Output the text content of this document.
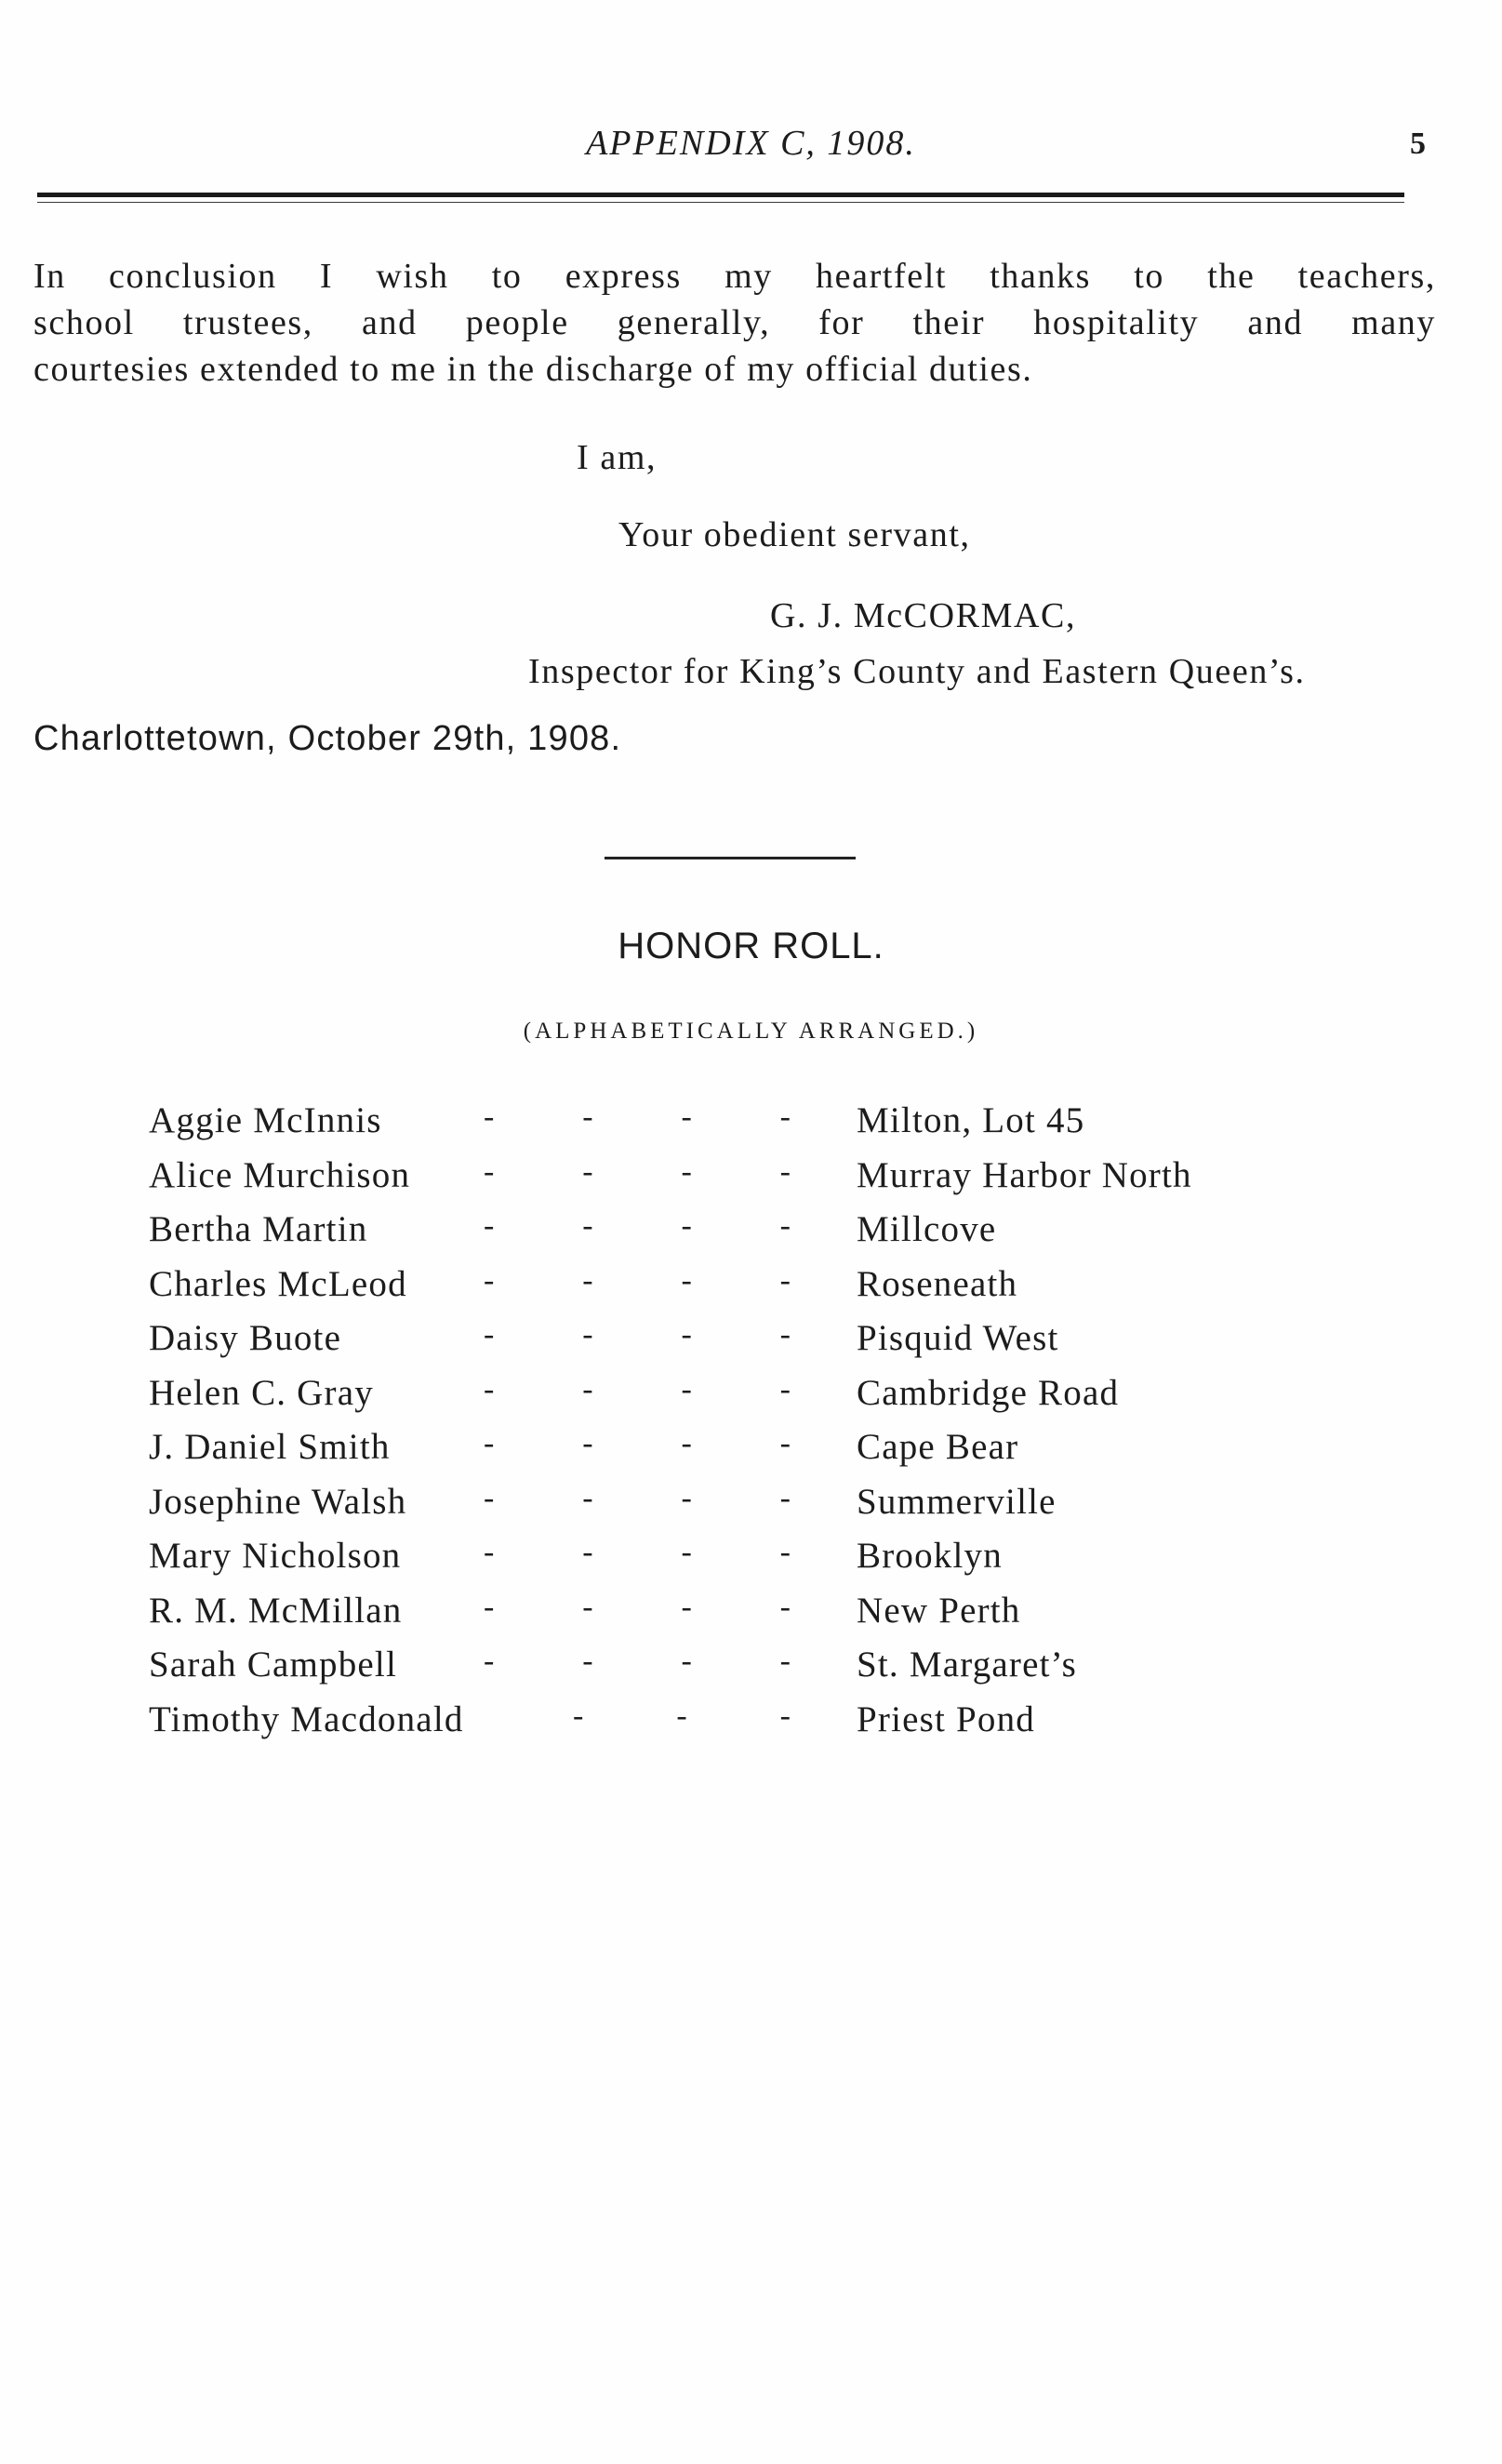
APPENDIX C, 1908.	5
In conclusion I wish to express my heartfelt thanks to the teachers,
school trustees, and people generally, for their hospitality and many
courtesies extended to me in the discharge of my official duties.
I am,
Your obedient servant,
G. J. McCORMAC,
Inspector for King’s County and Eastern Queen’s.
Charlottetown, October 29th, 1908.
HONOR ROLL.
(ALPHABETICALLY ARRANGED.)
Aggie McInnis	-	-	-	- Milton, Lot 45
Alice Murchison -	-	-	- Murray Harbor North
Bertha Martin	-	-	-	- Millcove
Charles McLeod -	-	-	- Roseneath
Daisy Buote	-	-	-	- Pisquid West
Helen C. Gray	-	-	-	- Cambridge Road
J. Daniel Smith	-	-	-	- Cape Bear
Josephine Walsh -	-	-	- Summerville
Mary Nicholson	-	-	-	- Brooklyn
R. M. McMillan	-	-	-	- New Perth
Sarah Campbell	-	-	-	- St. Margaret’s
Timothy Macdonald	-	-	- Priest Pond
